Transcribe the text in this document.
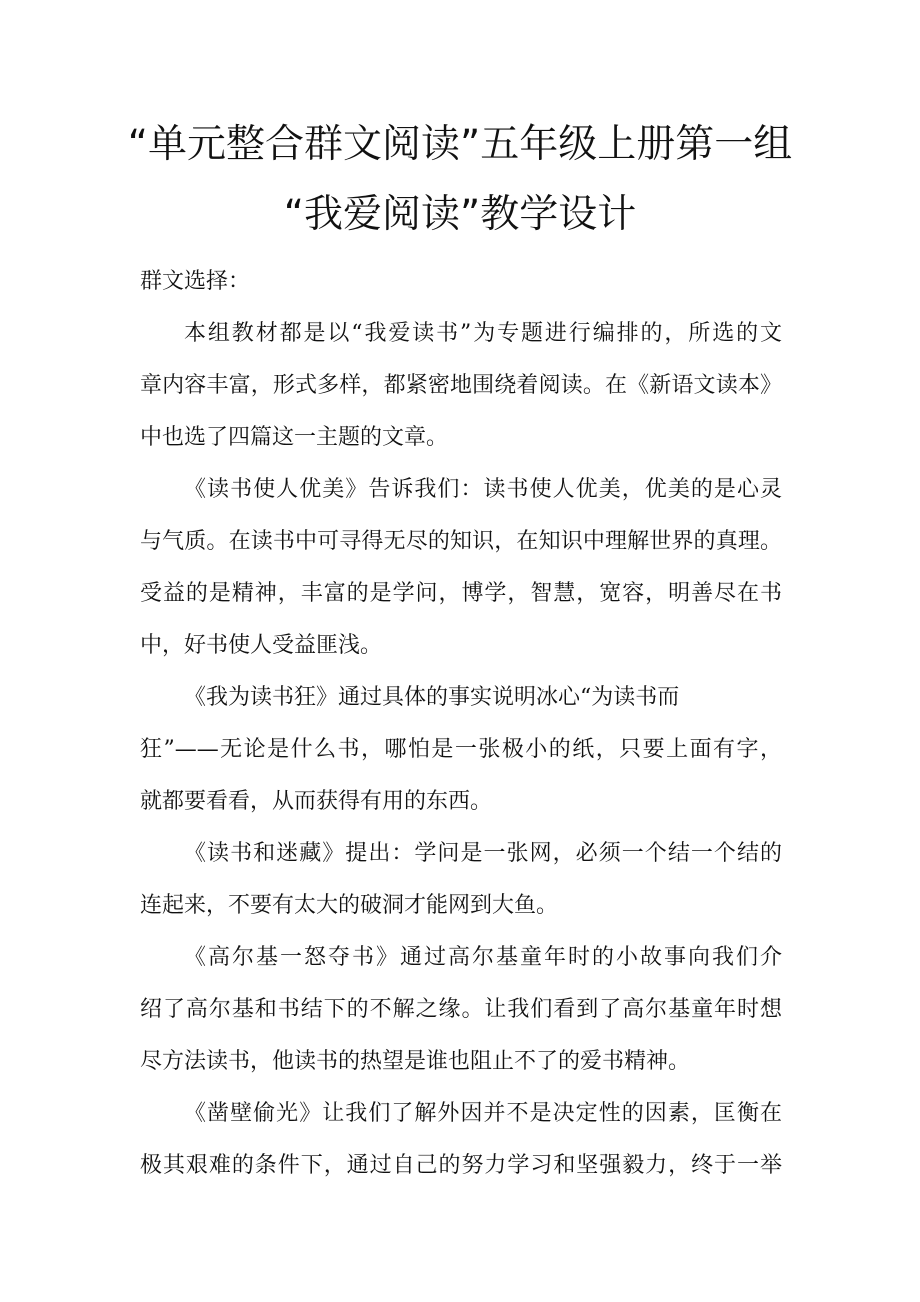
“单元整合群文阅读”五年级上册第一组
“我爱阅读”教学设计
群文选择：
本组教材都是以“我爱读书”为专题进行编排的，所选的文
章内容丰富，形式多样，都紧密地围绕着阅读。在《新语文读本》
中也选了四篇这一主题的文章。
《读书使人优美》告诉我们：读书使人优美，优美的是心灵
与气质。在读书中可寻得无尽的知识，在知识中理解世界的真理。
受益的是精神，丰富的是学问，博学，智慧，宽容，明善尽在书
中，好书使人受益匪浅。
《我为读书狂》通过具体的事实说明冰心“为读书而
狂”——无论是什么书，哪怕是一张极小的纸，只要上面有字，
就都要看看，从而获得有用的东西。
《读书和迷藏》提出：学问是一张网，必须一个结一个结的
连起来，不要有太大的破洞才能网到大鱼。
《高尔基一怒夺书》通过高尔基童年时的小故事向我们介
绍了高尔基和书结下的不解之缘。让我们看到了高尔基童年时想
尽方法读书，他读书的热望是谁也阻止不了的爱书精神。
《凿壁偷光》让我们了解外因并不是决定性的因素，匡衡在
极其艰难的条件下，通过自己的努力学习和坚强毅力，终于一举
